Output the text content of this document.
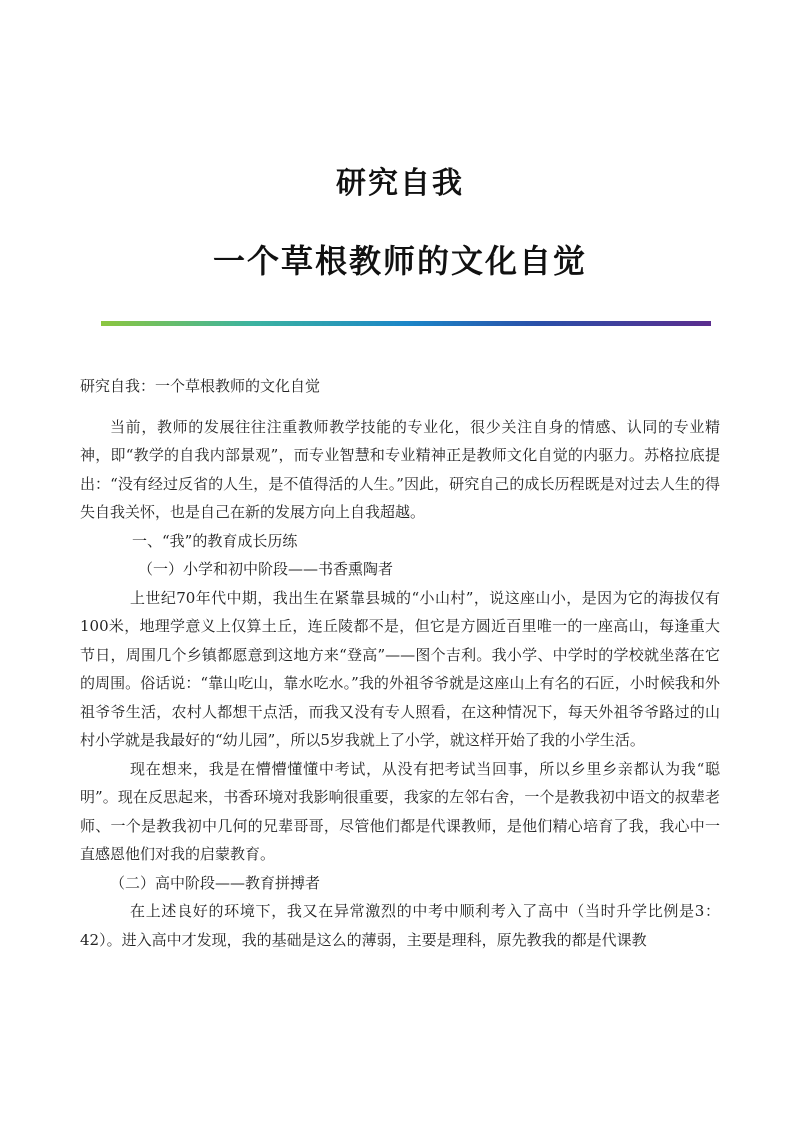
研究自我
一个草根教师的文化自觉

研究自我：一个草根教师的文化自觉

当前，教师的发展往往注重教师教学技能的专业化，很少关注自身的情感、认同的专业精神，即“教学的自我内部景观”，而专业智慧和专业精神正是教师文化自觉的内驱力。苏格拉底提出：“没有经过反省的人生，是不值得活的人生。”因此，研究自己的成长历程既是对过去人生的得失自我关怀，也是自己在新的发展方向上自我超越。

一、“我”的教育成长历练

（一）小学和初中阶段——书香熏陶者

上世纪70年代中期，我出生在紧靠县城的“小山村”，说这座山小，是因为它的海拔仅有100米，地理学意义上仅算土丘，连丘陵都不是，但它是方圆近百里唯一的一座高山，每逢重大节日，周围几个乡镇都愿意到这地方来“登高”——图个吉利。我小学、中学时的学校就坐落在它的周围。俗话说：“靠山吃山，靠水吃水。”我的外祖爷爷就是这座山上有名的石匠，小时候我和外祖爷爷生活，农村人都想干点活，而我又没有专人照看，在这种情况下，每天外祖爷爷路过的山村小学就是我最好的“幼儿园”，所以5岁我就上了小学，就这样开始了我的小学生活。

现在想来，我是在懵懵懂懂中考试，从没有把考试当回事，所以乡里乡亲都认为我“聪明”。现在反思起来，书香环境对我影响很重要，我家的左邻右舍，一个是教我初中语文的叔辈老师、一个是教我初中几何的兄辈哥哥，尽管他们都是代课教师，是他们精心培育了我，我心中一直感恩他们对我的启蒙教育。

（二）高中阶段——教育拼搏者

在上述良好的环境下，我又在异常激烈的中考中顺利考入了高中（当时升学比例是3：42）。进入高中才发现，我的基础是这么的薄弱，主要是理科，原先教我的都是代课教
